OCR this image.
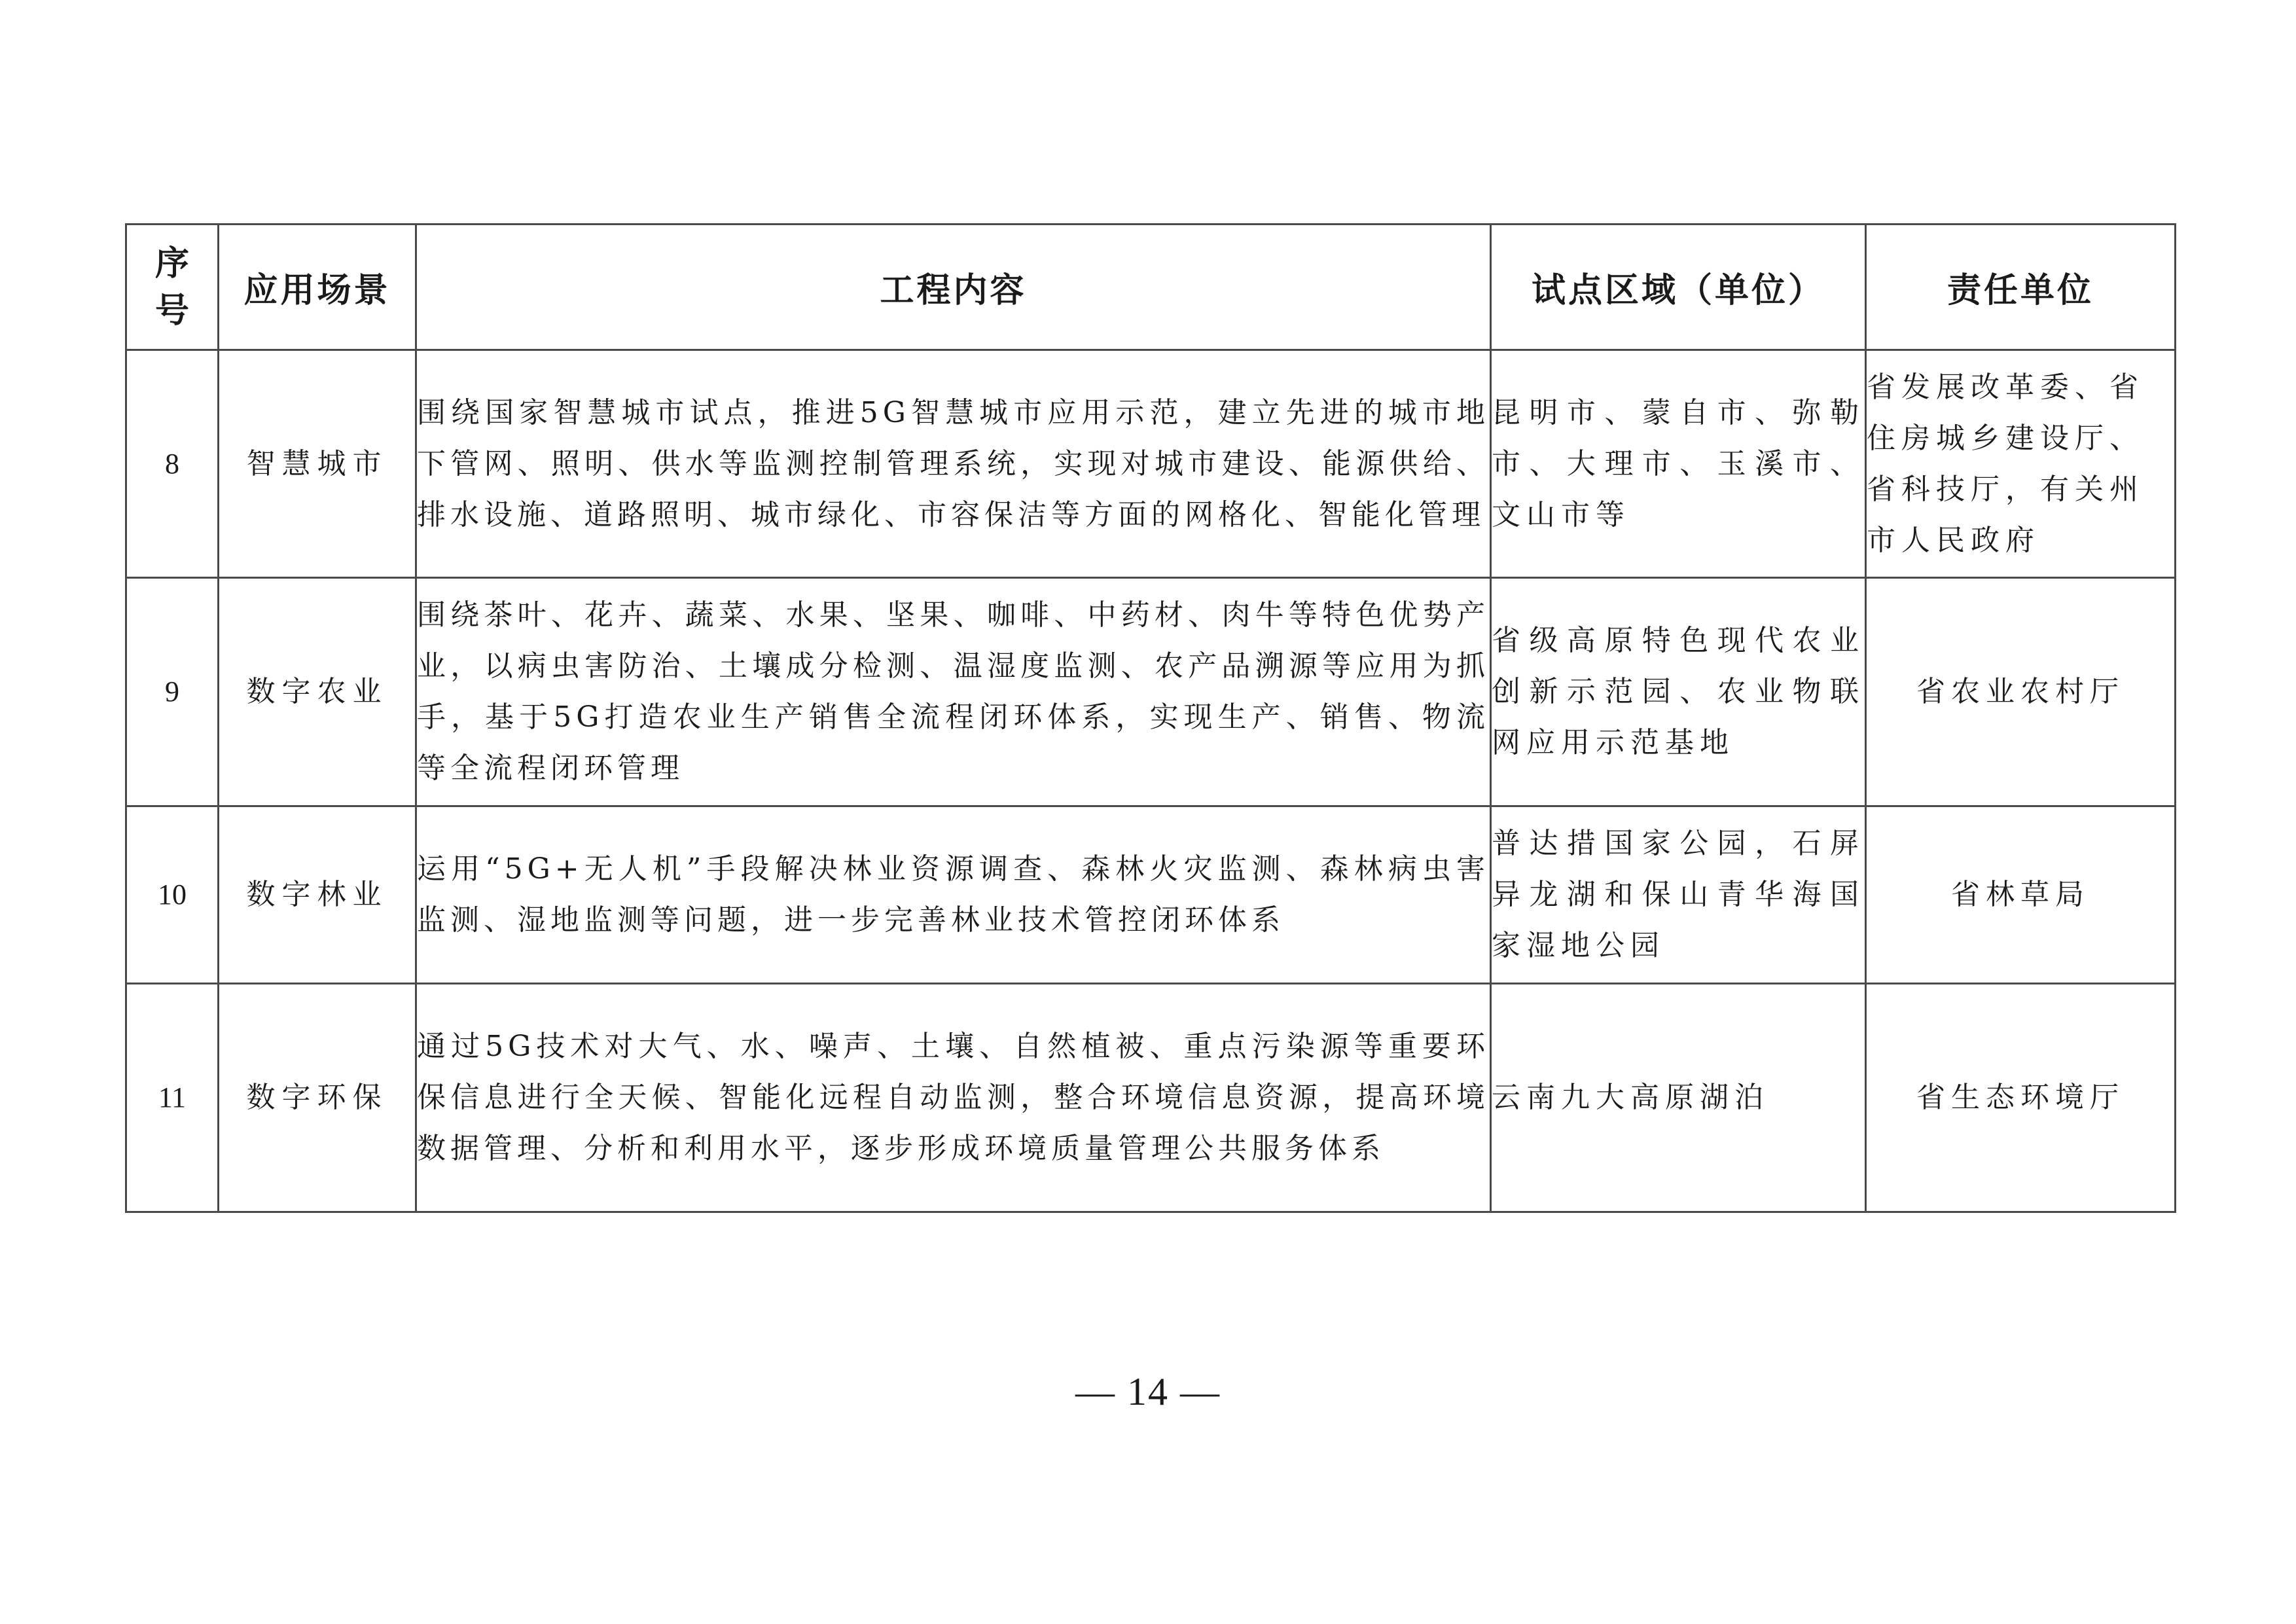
序
号	应用场景	工程内容	试点区域（单位）	责任单位
8	智慧城市	围绕国家智慧城市试点，推进5G智慧城市应用示范，建立先进的城市地下管网、照明、供水等监测控制管理系统，实现对城市建设、能源供给、排水设施、道路照明、城市绿化、市容保洁等方面的网格化、智能化管理	昆明市、蒙自市、弥勒市、大理市、玉溪市、文山市等	省发展改革委、省住房城乡建设厅、省科技厅，有关州市人民政府
9	数字农业	围绕茶叶、花卉、蔬菜、水果、坚果、咖啡、中药材、肉牛等特色优势产业，以病虫害防治、土壤成分检测、温湿度监测、农产品溯源等应用为抓手，基于5G打造农业生产销售全流程闭环体系，实现生产、销售、物流等全流程闭环管理	省级高原特色现代农业创新示范园、农业物联网应用示范基地	省农业农村厅
10	数字林业	运用“5G+无人机”手段解决林业资源调查、森林火灾监测、森林病虫害监测、湿地监测等问题，进一步完善林业技术管控闭环体系	普达措国家公园，石屏异龙湖和保山青华海国家湿地公园	省林草局
11	数字环保	通过5G技术对大气、水、噪声、土壤、自然植被、重点污染源等重要环保信息进行全天候、智能化远程自动监测，整合环境信息资源，提高环境数据管理、分析和利用水平，逐步形成环境质量管理公共服务体系	云南九大高原湖泊	省生态环境厅
— 14 —
